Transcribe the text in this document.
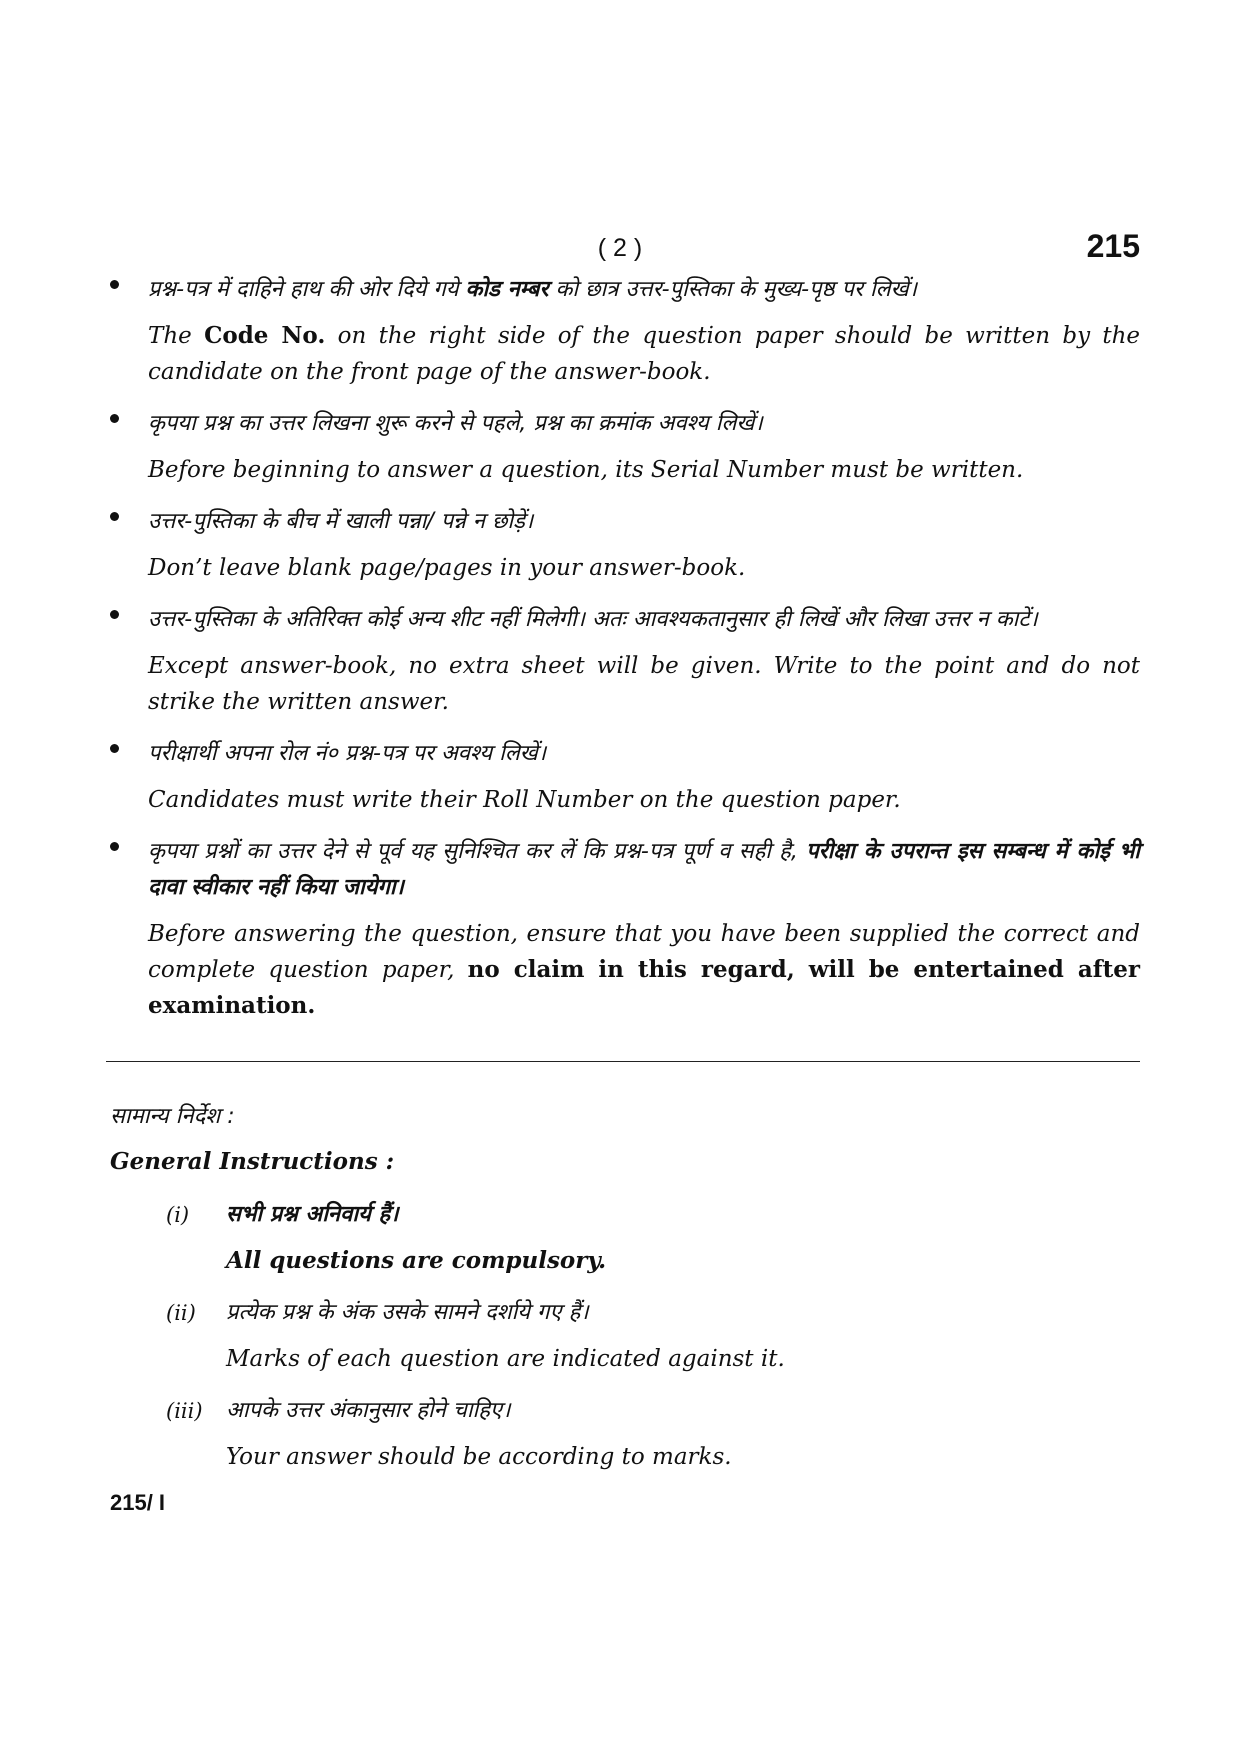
( 2 )	215

प्रश्न-पत्र में दाहिने हाथ की ओर दिये गये कोड नम्बर को छात्र उत्तर-पुस्तिका के मुख्य-पृष्ठ पर लिखें।

The Code No. on the right side of the question paper should be written by the candidate on the front page of the answer-book.

कृपया प्रश्न का उत्तर लिखना शुरू करने से पहले, प्रश्न का क्रमांक अवश्य लिखें।

Before beginning to answer a question, its Serial Number must be written.

उत्तर-पुस्तिका के बीच में खाली पन्ना/ पन्ने न छोड़ें।

Don’t leave blank page/pages in your answer-book.

उत्तर-पुस्तिका के अतिरिक्त कोई अन्य शीट नहीं मिलेगी। अतः आवश्यकतानुसार ही लिखें और लिखा उत्तर न काटें।

Except answer-book, no extra sheet will be given. Write to the point and do not strike the written answer.

परीक्षार्थी अपना रोल नं० प्रश्न-पत्र पर अवश्य लिखें।

Candidates must write their Roll Number on the question paper.

कृपया प्रश्नों का उत्तर देने से पूर्व यह सुनिश्चित कर लें कि प्रश्न-पत्र पूर्ण व सही है, परीक्षा के उपरान्त इस सम्बन्ध में कोई भी दावा स्वीकार नहीं किया जायेगा।

Before answering the question, ensure that you have been supplied the correct and complete question paper, no claim in this regard, will be entertained after examination.

सामान्य निर्देश :

General Instructions :

(i) सभी प्रश्न अनिवार्य हैं।

All questions are compulsory.

(ii) प्रत्येक प्रश्न के अंक उसके सामने दर्शाये गए हैं।

Marks of each question are indicated against it.

(iii) आपके उत्तर अंकानुसार होने चाहिए।

Your answer should be according to marks.

215/ I
